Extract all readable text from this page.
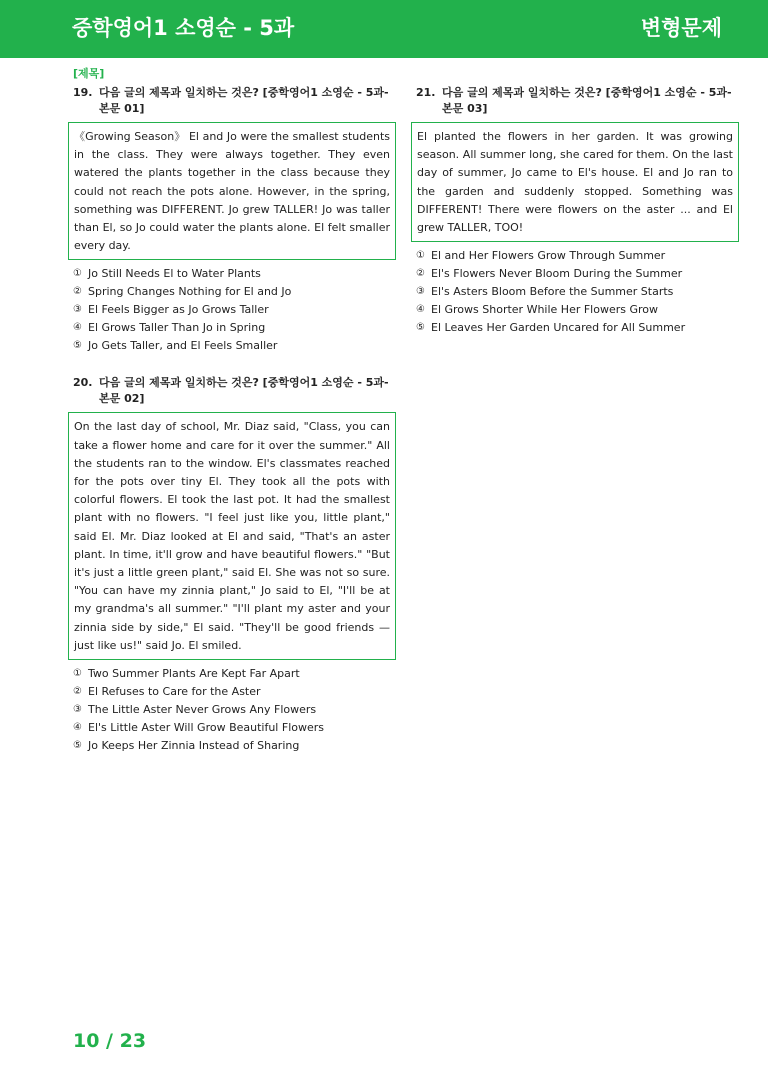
중학영어1 소영순 - 5과	변형문제
[제목]
19. 다음 글의 제목과 일치하는 것은? [중학영어1 소영순 - 5과-본문 01]
《Growing Season》 El and Jo were the smallest students in the class. They were always together. They even watered the plants together in the class because they could not reach the pots alone. However, in the spring, something was DIFFERENT. Jo grew TALLER! Jo was taller than El, so Jo could water the plants alone. El felt smaller every day.
① Jo Still Needs El to Water Plants
② Spring Changes Nothing for El and Jo
③ El Feels Bigger as Jo Grows Taller
④ El Grows Taller Than Jo in Spring
⑤ Jo Gets Taller, and El Feels Smaller
20. 다음 글의 제목과 일치하는 것은? [중학영어1 소영순 - 5과-본문 02]
On the last day of school, Mr. Diaz said, "Class, you can take a flower home and care for it over the summer." All the students ran to the window. El's classmates reached for the pots over tiny El. They took all the pots with colorful flowers. El took the last pot. It had the smallest plant with no flowers. "I feel just like you, little plant," said El. Mr. Diaz looked at El and said, "That's an aster plant. In time, it'll grow and have beautiful flowers." "But it's just a little green plant," said El. She was not so sure. "You can have my zinnia plant," Jo said to El, "I'll be at my grandma's all summer." "I'll plant my aster and your zinnia side by side," El said. "They'll be good friends — just like us!" said Jo. El smiled.
① Two Summer Plants Are Kept Far Apart
② El Refuses to Care for the Aster
③ The Little Aster Never Grows Any Flowers
④ El's Little Aster Will Grow Beautiful Flowers
⑤ Jo Keeps Her Zinnia Instead of Sharing
21. 다음 글의 제목과 일치하는 것은? [중학영어1 소영순 - 5과-본문 03]
El planted the flowers in her garden. It was growing season. All summer long, she cared for them. On the last day of summer, Jo came to El's house. El and Jo ran to the garden and suddenly stopped. Something was DIFFERENT! There were flowers on the aster ... and El grew TALLER, TOO!
① El and Her Flowers Grow Through Summer
② El's Flowers Never Bloom During the Summer
③ El's Asters Bloom Before the Summer Starts
④ El Grows Shorter While Her Flowers Grow
⑤ El Leaves Her Garden Uncared for All Summer
10 / 23
